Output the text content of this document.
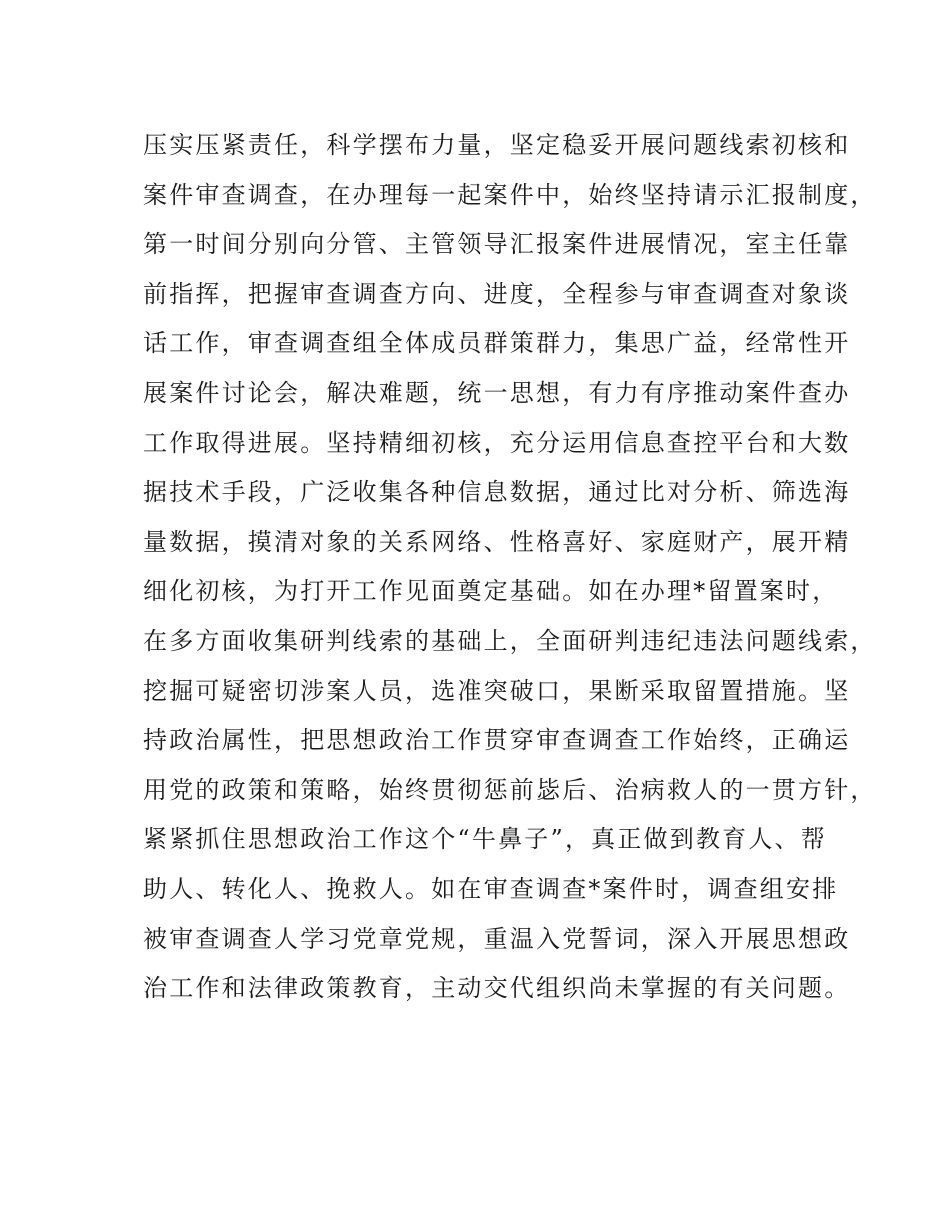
压实压紧责任，科学摆布力量，坚定稳妥开展问题线索初核和
案件审查调查，在办理每一起案件中，始终坚持请示汇报制度，
第一时间分别向分管、主管领导汇报案件进展情况，室主任靠
前指挥，把握审查调查方向、进度，全程参与审查调查对象谈
话工作，审查调查组全体成员群策群力，集思广益，经常性开
展案件讨论会，解决难题，统一思想，有力有序推动案件查办
工作取得进展。坚持精细初核，充分运用信息查控平台和大数
据技术手段，广泛收集各种信息数据，通过比对分析、筛选海
量数据，摸清对象的关系网络、性格喜好、家庭财产，展开精
细化初核，为打开工作见面奠定基础。如在办理*留置案时，
在多方面收集研判线索的基础上，全面研判违纪违法问题线索，
挖掘可疑密切涉案人员，选准突破口，果断采取留置措施。坚
持政治属性，把思想政治工作贯穿审查调查工作始终，正确运
用党的政策和策略，始终贯彻惩前毖后、治病救人的一贯方针，
紧紧抓住思想政治工作这个“牛鼻子”，真正做到教育人、帮
助人、转化人、挽救人。如在审查调查*案件时，调查组安排
被审查调查人学习党章党规，重温入党誓词，深入开展思想政
治工作和法律政策教育，主动交代组织尚未掌握的有关问题。
